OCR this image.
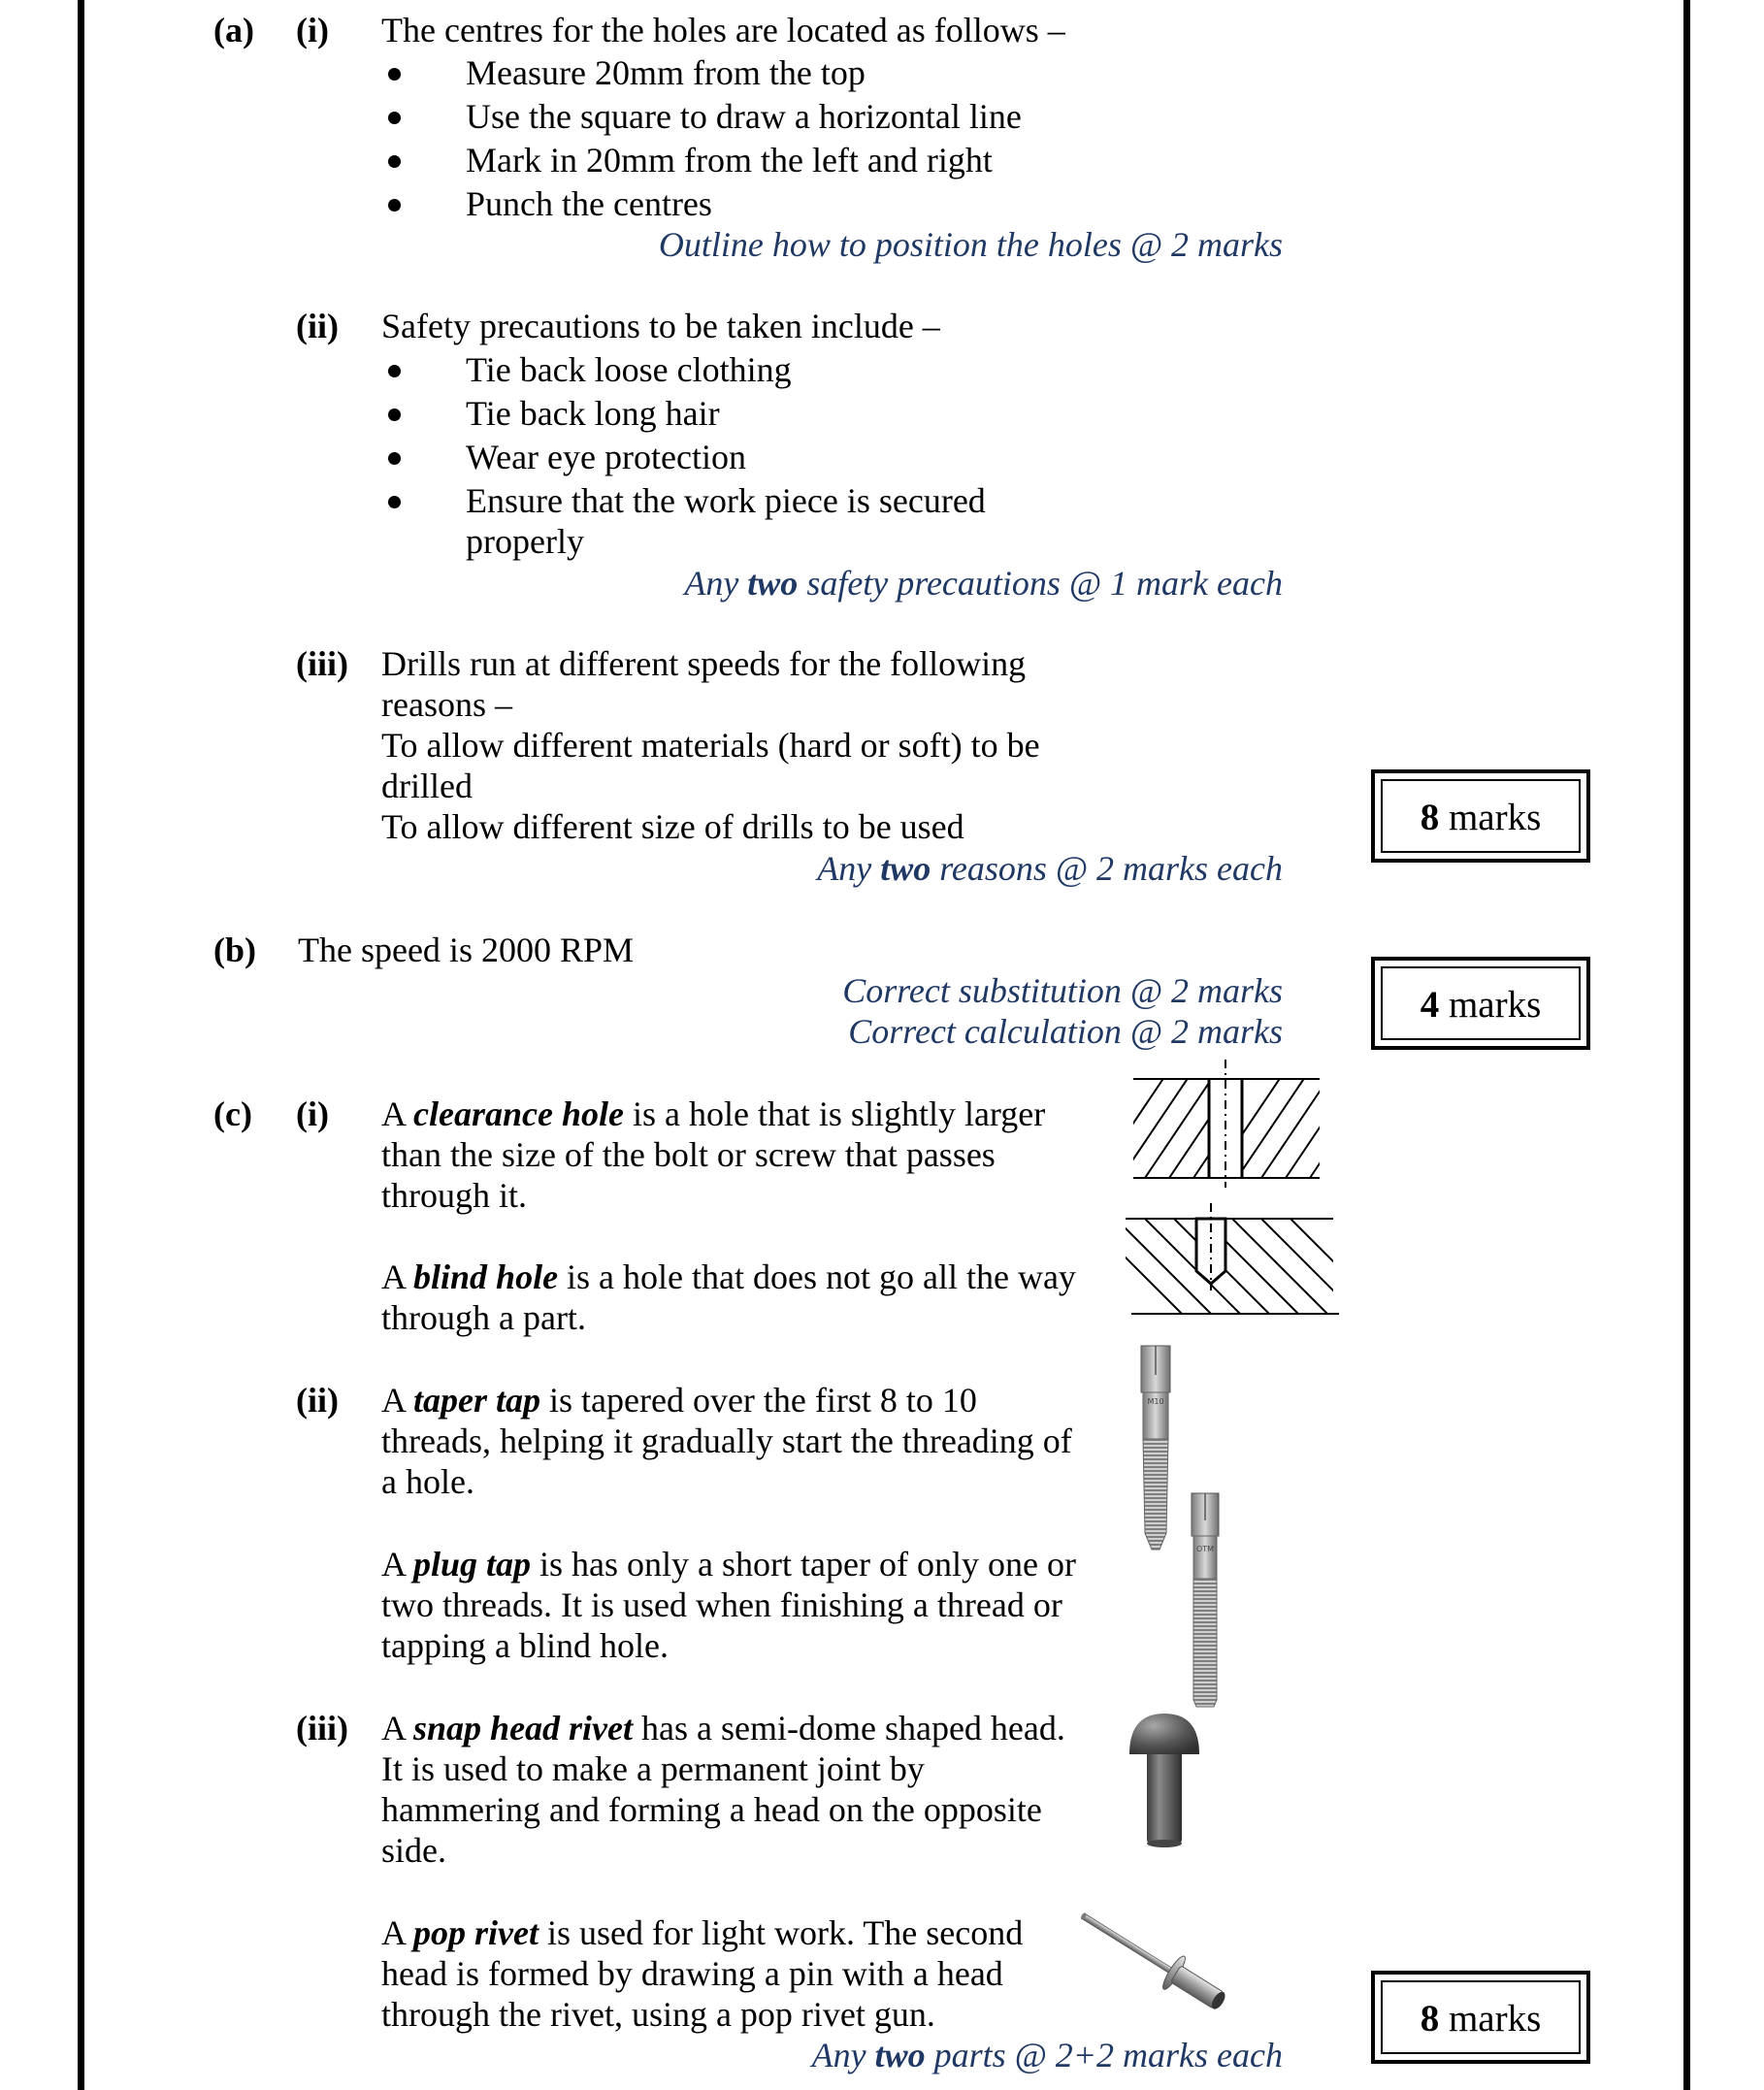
(a) (i) The centres for the holes are located as follows –
Measure 20mm from the top
Use the square to draw a horizontal line
Mark in 20mm from the left and right
Punch the centres
Outline how to position the holes @ 2 marks
(ii) Safety precautions to be taken include –
Tie back loose clothing
Tie back long hair
Wear eye protection
Ensure that the work piece is secured
properly
Any two safety precautions @ 1 mark each
(iii) Drills run at different speeds for the following
reasons –
To allow different materials (hard or soft) to be
drilled
To allow different size of drills to be used
Any two reasons @ 2 marks each
8 marks
(b) The speed is 2000 RPM
Correct substitution @ 2 marks
Correct calculation @ 2 marks
4 marks
(c) (i) A clearance hole is a hole that is slightly larger
than the size of the bolt or screw that passes
through it.
A blind hole is a hole that does not go all the way
through a part.
(ii) A taper tap is tapered over the first 8 to 10
threads, helping it gradually start the threading of
a hole.
A plug tap is has only a short taper of only one or
two threads. It is used when finishing a thread or
tapping a blind hole.
M10
OTM
(iii) A snap head rivet has a semi-dome shaped head.
It is used to make a permanent joint by
hammering and forming a head on the opposite
side.
A pop rivet is used for light work. The second
head is formed by drawing a pin with a head
through the rivet, using a pop rivet gun.
Any two parts @ 2+2 marks each
8 marks
